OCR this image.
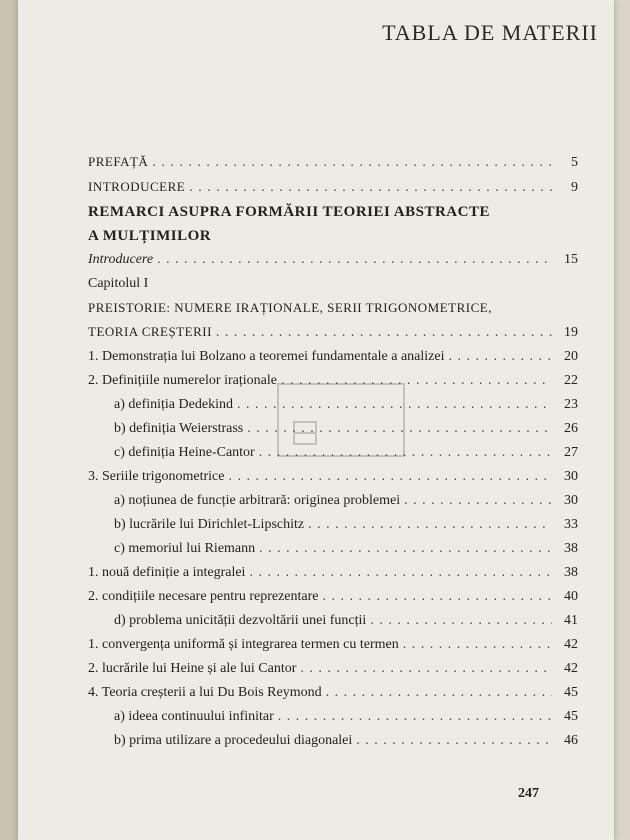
TABLA DE MATERII
PREFAȚĂ . . .	5
INTRODUCERE . . .	9
REMARCI ASUPRA FORMĂRII TEORIEI ABSTRACTE
A MULȚIMILOR
Introducere . . .	15
Capitolul I
PREISTORIE: NUMERE IRAȚIONALE, SERII TRIGONOMETRICE,
TEORIA CREȘTERII . . .	19
1. Demonstrația lui Bolzano a teoremei fundamentale a analizei . . .	20
2. Definițiile numerelor iraționale . . .	22
a) definiția Dedekind . . .	23
b) definiția Weierstrass . . .	26
c) definiția Heine-Cantor . . .	27
3. Seriile trigonometrice . . .	30
a) noțiunea de funcție arbitrară: originea problemei . . .	30
b) lucrările lui Dirichlet-Lipschitz . . .	33
c) memoriul lui Riemann . . .	38
1. nouă definiție a integralei . . .	38
2. condițiile necesare pentru reprezentare . . .	40
d) problema unicității dezvoltării unei funcții . . .	41
1. convergența uniformă și integrarea termen cu termen . . .	42
2. lucrările lui Heine și ale lui Cantor . . .	42
4. Teoria creșterii a lui Du Bois Reymond . . .	45
a) ideea continuului infinitar . . .	45
b) prima utilizare a procedeului diagonalei . . .	46
247
